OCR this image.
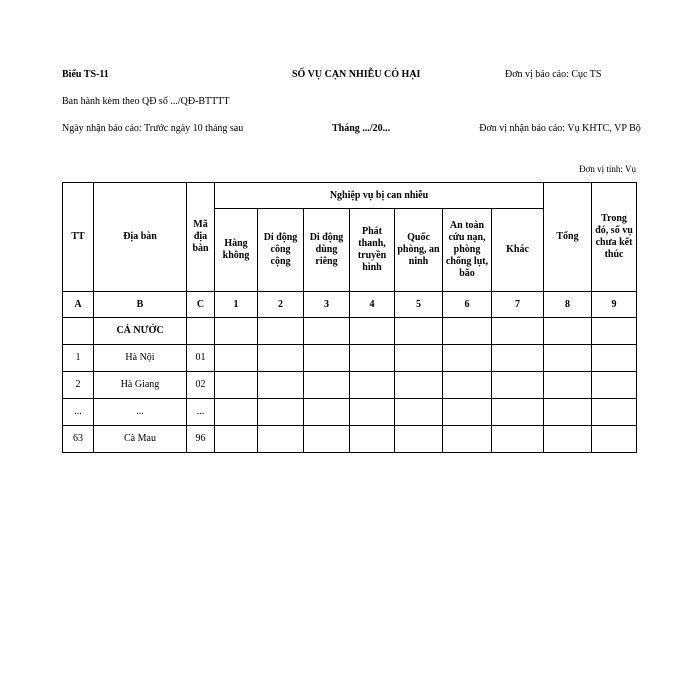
Biểu TS-11	SỐ VỤ CẠN NHIỄU CÓ HẠI	Đơn vị báo cáo: Cục TS
Ban hành kèm theo QĐ số .../QĐ-BTTTT
Ngày nhận báo cáo: Trước ngày 10 tháng sau	Tháng .../20...	Đơn vị nhận báo cáo: Vụ KHTC, VP Bộ
Đơn vị tính: Vụ
TT	Địa bàn	Mã địa bàn	Nghiệp vụ bị can nhiễu							Tổng	Trong đó, số vụ chưa kết thúc
			Hàng không	Di động công cộng	Di động dùng riêng	Phát thanh, truyền hình	Quốc phòng, an ninh	An toàn cứu nạn, phòng chống lụt, bão	Khác		
A	B	C	1	2	3	4	5	6	7	8	9
	CẢ NƯỚC										
1	Hà Nội	01									
2	Hà Giang	02									
...	...	...									
63	Cà Mau	96									
